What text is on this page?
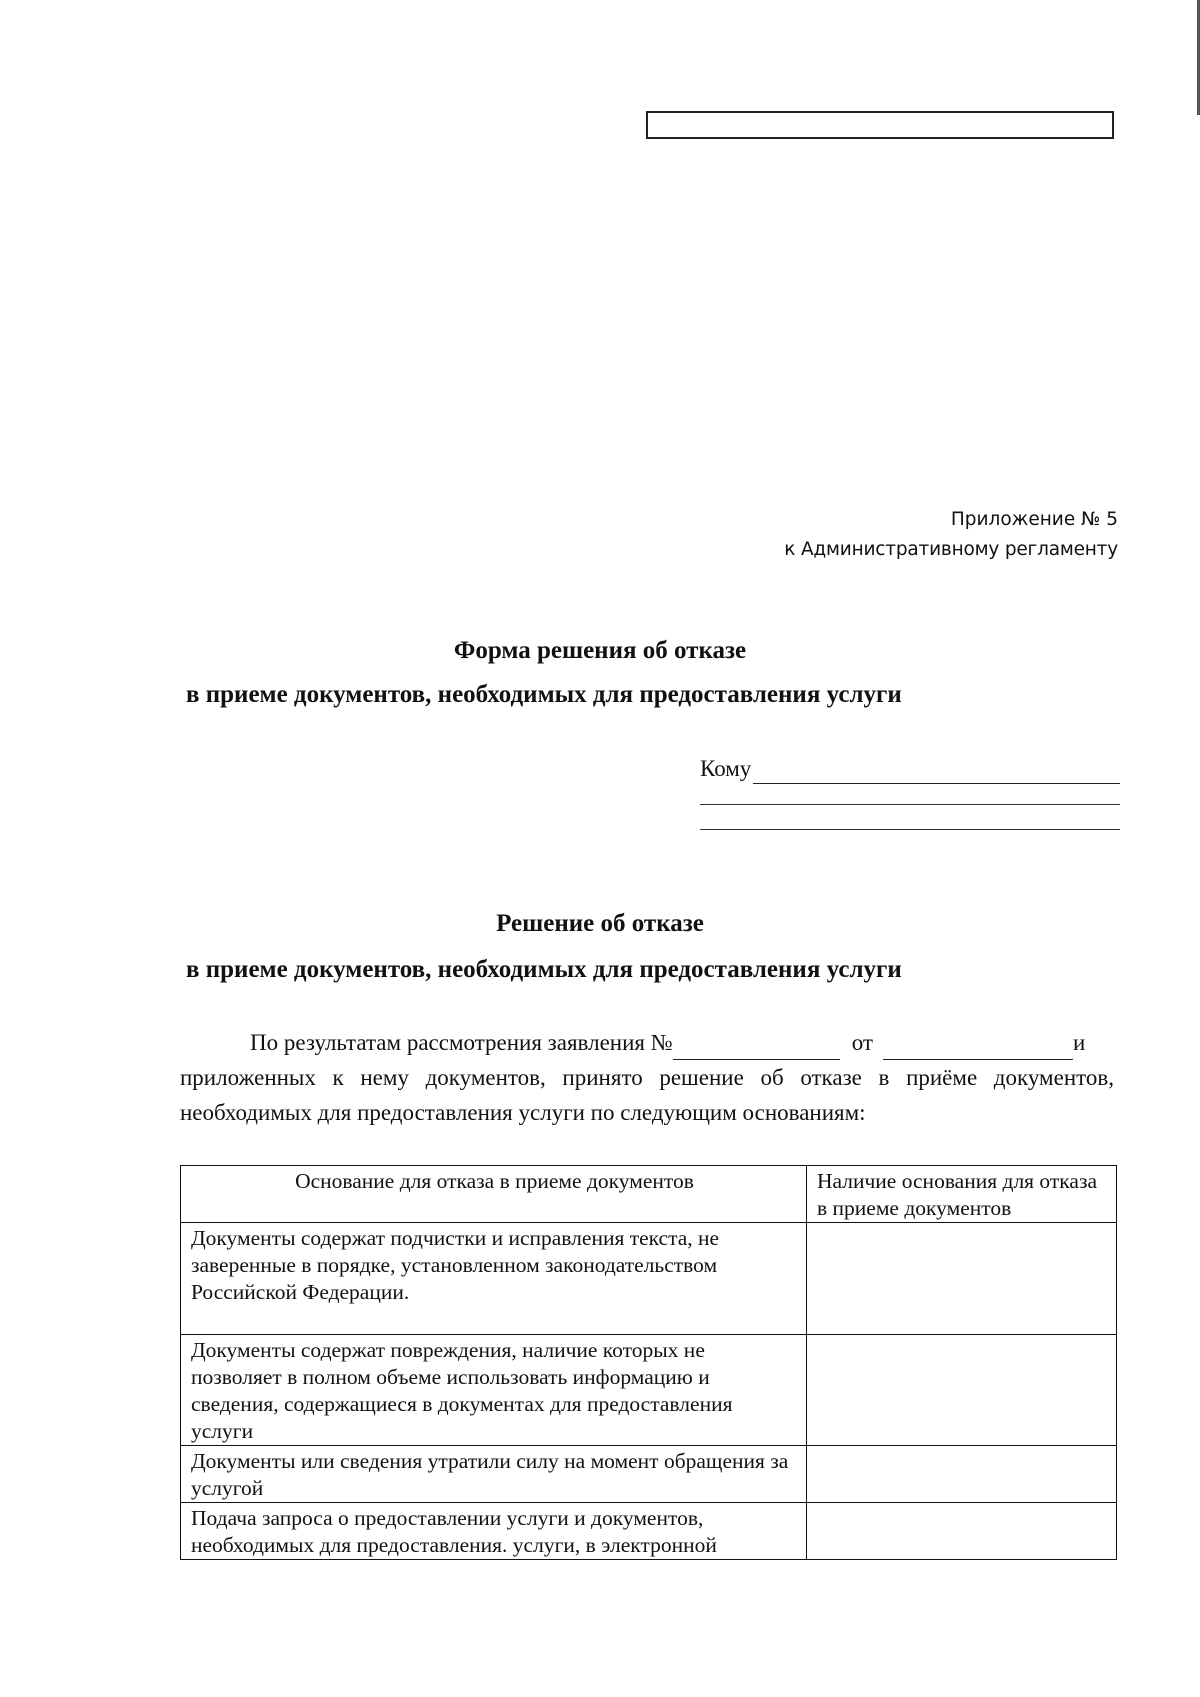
Приложение № 5
к Административному регламенту
Форма решения об отказе
в приеме документов, необходимых для предоставления услуги
Кому
Решение об отказе
в приеме документов, необходимых для предоставления услуги
По результатам рассмотрения заявления №	от	и
приложенных к нему документов, принято решение об отказе в приёме документов,
необходимых для предоставления услуги по следующим основаниям:
Основание для отказа в приеме документов	Наличие основания для отказа в приеме документов
Документы содержат подчистки и исправления текста, не заверенные в порядке, установленном законодательством Российской Федерации.	
Документы содержат повреждения, наличие которых не позволяет в полном объеме использовать информацию и сведения, содержащиеся в документах для предоставления услуги	
Документы или сведения утратили силу на момент обращения за услугой	
Подача запроса о предоставлении услуги и документов, необходимых для предоставления. услуги, в электронной	
